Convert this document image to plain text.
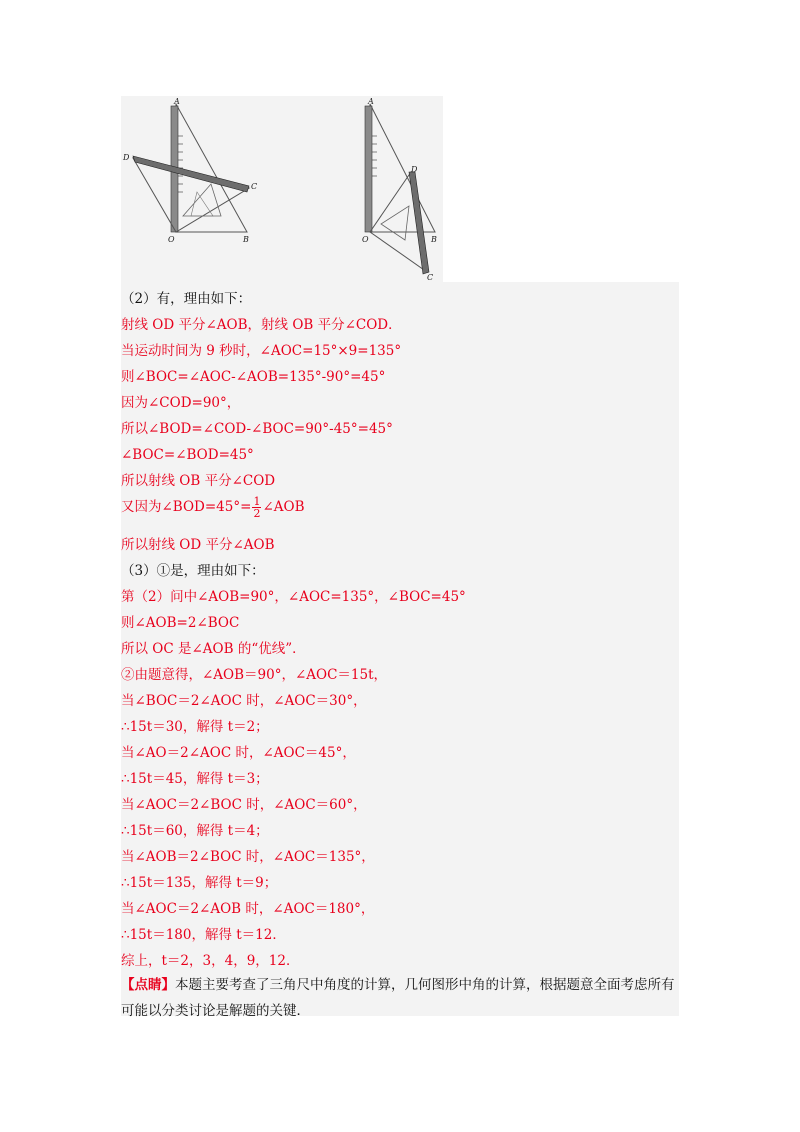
A
D
C
O	B
A
D
O	B
C
（2）有，理由如下：
射线 OD 平分∠AOB，射线 OB 平分∠COD．
当运动时间为 9 秒时，∠AOC=15°×9=135°
则∠BOC=∠AOC-∠AOB=135°-90°=45°
因为∠COD=90°，
所以∠BOD=∠COD-∠BOC=90°-45°=45°
∠BOC=∠BOD=45°
所以射线 OB 平分∠COD
又因为∠BOD=45°= $\frac{1}{2}$ ∠AOB
所以射线 OD 平分∠AOB
（3）①是，理由如下：
第（2）问中∠AOB=90°，∠AOC=135°，∠BOC=45°
则∠AOB=2∠BOC
所以 OC 是∠AOB 的“优线”．
②由题意得，∠AOB＝90°，∠AOC＝15t，
当∠BOC＝2∠AOC 时，∠AOC＝30°，
∴15t＝30，解得 t＝2；
当∠AO＝2∠AOC 时，∠AOC＝45°，
∴15t＝45，解得 t＝3；
当∠AOC＝2∠BOC 时，∠AOC＝60°，
∴15t＝60，解得 t＝4；
当∠AOB＝2∠BOC 时，∠AOC＝135°，
∴15t＝135，解得 t＝9；
当∠AOC＝2∠AOB 时，∠AOC＝180°，
∴15t＝180，解得 t＝12．
综上，t＝2，3，4，9，12．
【点睛】本题主要考查了三角尺中角度的计算，几何图形中角的计算，根据题意全面考虑所有可能以分类讨论是解题的关键．
